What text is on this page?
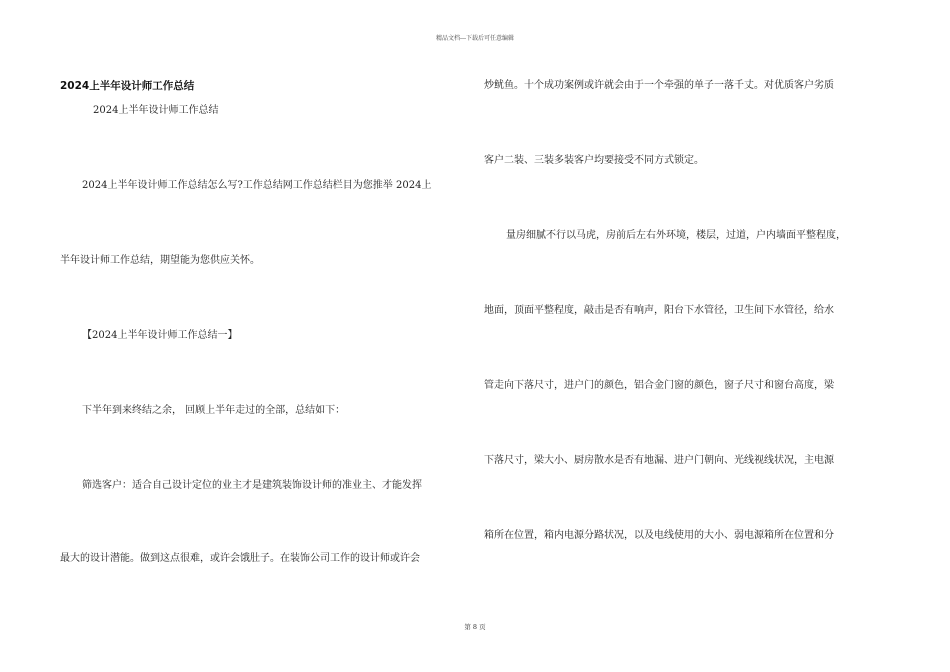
精品文档---下载后可任意编辑
2024上半年设计师工作总结
2024上半年设计师工作总结
2024上半年设计师工作总结怎么写?工作总结网工作总结栏目为您推举 2024上
半年设计师工作总结，期望能为您供应关怀。
【2024上半年设计师工作总结一】
下半年到来终结之余， 回顾上半年走过的全部，总结如下：
筛选客户：适合自己设计定位的业主才是建筑装饰设计师的准业主、才能发挥
最大的设计潜能。做到这点很难，或许会饿肚子。在装饰公司工作的设计师或许会
炒鱿鱼。十个成功案例或许就会由于一个牵强的单子一落千丈。对优质客户劣质
客户二装、三装多装客户均要接受不同方式锁定。
量房细腻不行以马虎，房前后左右外环境，楼层，过道，户内墙面平整程度，
地面，顶面平整程度，敲击是否有响声，阳台下水管径，卫生间下水管径，给水
管走向下落尺寸，进户门的颜色，铝合金门窗的颜色，窗子尺寸和窗台高度，梁
下落尺寸，梁大小、厨房散水是否有地漏、进户门朝向、光线视线状况，主电源
箱所在位置，箱内电源分路状况，以及电线使用的大小、弱电源箱所在位置和分
第 8 页
